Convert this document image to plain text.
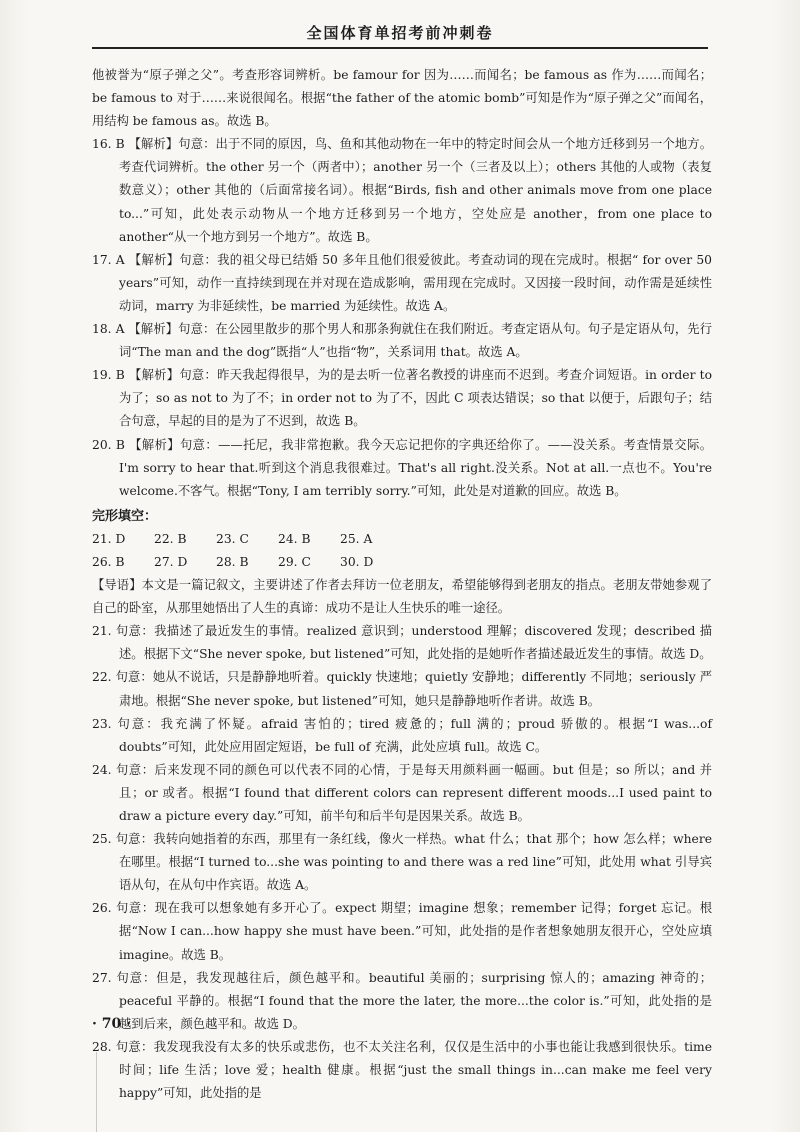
全国体育单招考前冲刺卷

他被誉为“原子弹之父”。考查形容词辨析。be famour for 因为……而闻名；be famous as 作为……而闻名；be famous to 对于……来说很闻名。根据“the father of the atomic bomb”可知是作为“原子弹之父”而闻名，用结构 be famous as。故选 B。

16. B 【解析】句意：出于不同的原因，鸟、鱼和其他动物在一年中的特定时间会从一个地方迁移到另一个地方。考查代词辨析。the other 另一个（两者中）；another 另一个（三者及以上）；others 其他的人或物（表复数意义）；other 其他的（后面常接名词）。根据“Birds, fish and other animals move from one place to...”可知，此处表示动物从一个地方迁移到另一个地方，空处应是 another，from one place to another“从一个地方到另一个地方”。故选 B。

17. A 【解析】句意：我的祖父母已结婚 50 多年且他们很爱彼此。考查动词的现在完成时。根据“ for over 50 years”可知，动作一直持续到现在并对现在造成影响，需用现在完成时。又因接一段时间，动作需是延续性动词，marry 为非延续性，be married 为延续性。故选 A。

18. A 【解析】句意：在公园里散步的那个男人和那条狗就住在我们附近。考查定语从句。句子是定语从句，先行词“The man and the dog”既指“人”也指“物”，关系词用 that。故选 A。

19. B 【解析】句意：昨天我起得很早，为的是去听一位著名教授的讲座而不迟到。考查介词短语。in order to 为了；so as not to 为了不；in order not to 为了不，因此 C 项表达错误；so that 以便于，后跟句子；结合句意，早起的目的是为了不迟到，故选 B。

20. B 【解析】句意：——托尼，我非常抱歉。我今天忘记把你的字典还给你了。——没关系。考查情景交际。I'm sorry to hear that.听到这个消息我很难过。That's all right.没关系。Not at all.一点也不。You're welcome.不客气。根据“Tony, I am terribly sorry.”可知，此处是对道歉的回应。故选 B。

完形填空：

21. D	22. B	23. C	24. B	25. A
26. B	27. D	28. B	29. C	30. D

【导语】本文是一篇记叙文，主要讲述了作者去拜访一位老朋友，希望能够得到老朋友的指点。老朋友带她参观了自己的卧室，从那里她悟出了人生的真谛：成功不是让人生快乐的唯一途径。

21. 句意：我描述了最近发生的事情。realized 意识到；understood 理解；discovered 发现；described 描述。根据下文“She never spoke, but listened”可知，此处指的是她听作者描述最近发生的事情。故选 D。

22. 句意：她从不说话，只是静静地听着。quickly 快速地；quietly 安静地；differently 不同地；seriously 严肃地。根据“She never spoke, but listened”可知，她只是静静地听作者讲。故选 B。

23. 句意：我充满了怀疑。afraid 害怕的；tired 疲惫的；full 满的；proud 骄傲的。根据“I was...of doubts”可知，此处应用固定短语，be full of 充满，此处应填 full。故选 C。

24. 句意：后来发现不同的颜色可以代表不同的心情，于是每天用颜料画一幅画。but 但是；so 所以；and 并且；or 或者。根据“I found that different colors can represent different moods...I used paint to draw a picture every day.”可知，前半句和后半句是因果关系。故选 B。

25. 句意：我转向她指着的东西，那里有一条红线，像火一样热。what 什么；that 那个；how 怎么样；where 在哪里。根据“I turned to...she was pointing to and there was a red line”可知，此处用 what 引导宾语从句，在从句中作宾语。故选 A。

26. 句意：现在我可以想象她有多开心了。expect 期望；imagine 想象；remember 记得；forget 忘记。根据“Now I can...how happy she must have been.”可知，此处指的是作者想象她朋友很开心，空处应填 imagine。故选 B。

27. 句意：但是，我发现越往后，颜色越平和。beautiful 美丽的；surprising 惊人的；amazing 神奇的；peaceful 平静的。根据“I found that the more the later, the more...the color is.”可知，此处指的是越到后来，颜色越平和。故选 D。

28. 句意：我发现我没有太多的快乐或悲伤，也不太关注名利，仅仅是生活中的小事也能让我感到很快乐。time 时间；life 生活；love 爱；health 健康。根据“just the small things in...can make me feel very happy”可知，此处指的是

· 70 ·
